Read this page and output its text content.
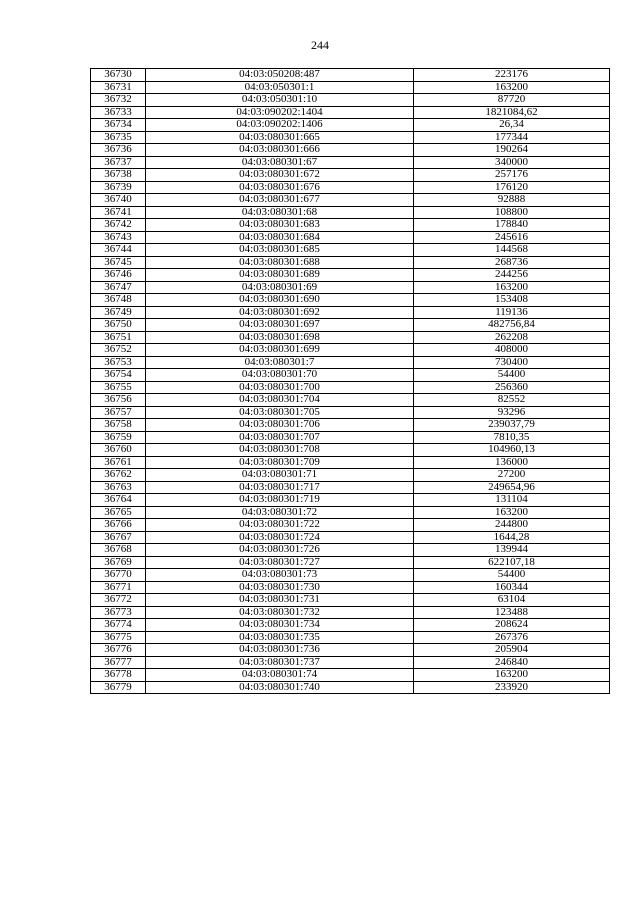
244
36730	04:03:050208:487	223176
36731	04:03:050301:1	163200
36732	04:03:050301:10	87720
36733	04:03:090202:1404	1821084,62
36734	04:03:090202:1406	26,34
36735	04:03:080301:665	177344
36736	04:03:080301:666	190264
36737	04:03:080301:67	340000
36738	04:03:080301:672	257176
36739	04:03:080301:676	176120
36740	04:03:080301:677	92888
36741	04:03:080301:68	108800
36742	04:03:080301:683	178840
36743	04:03:080301:684	245616
36744	04:03:080301:685	144568
36745	04:03:080301:688	268736
36746	04:03:080301:689	244256
36747	04:03:080301:69	163200
36748	04:03:080301:690	153408
36749	04:03:080301:692	119136
36750	04:03:080301:697	482756,84
36751	04:03:080301:698	262208
36752	04:03:080301:699	408000
36753	04:03:080301:7	730400
36754	04:03:080301:70	54400
36755	04:03:080301:700	256360
36756	04:03:080301:704	82552
36757	04:03:080301:705	93296
36758	04:03:080301:706	239037,79
36759	04:03:080301:707	7810,35
36760	04:03:080301:708	104960,13
36761	04:03:080301:709	136000
36762	04:03:080301:71	27200
36763	04:03:080301:717	249654,96
36764	04:03:080301:719	131104
36765	04:03:080301:72	163200
36766	04:03:080301:722	244800
36767	04:03:080301:724	1644,28
36768	04:03:080301:726	139944
36769	04:03:080301:727	622107,18
36770	04:03:080301:73	54400
36771	04:03:080301:730	160344
36772	04:03:080301:731	63104
36773	04:03:080301:732	123488
36774	04:03:080301:734	208624
36775	04:03:080301:735	267376
36776	04:03:080301:736	205904
36777	04:03:080301:737	246840
36778	04:03:080301:74	163200
36779	04:03:080301:740	233920
